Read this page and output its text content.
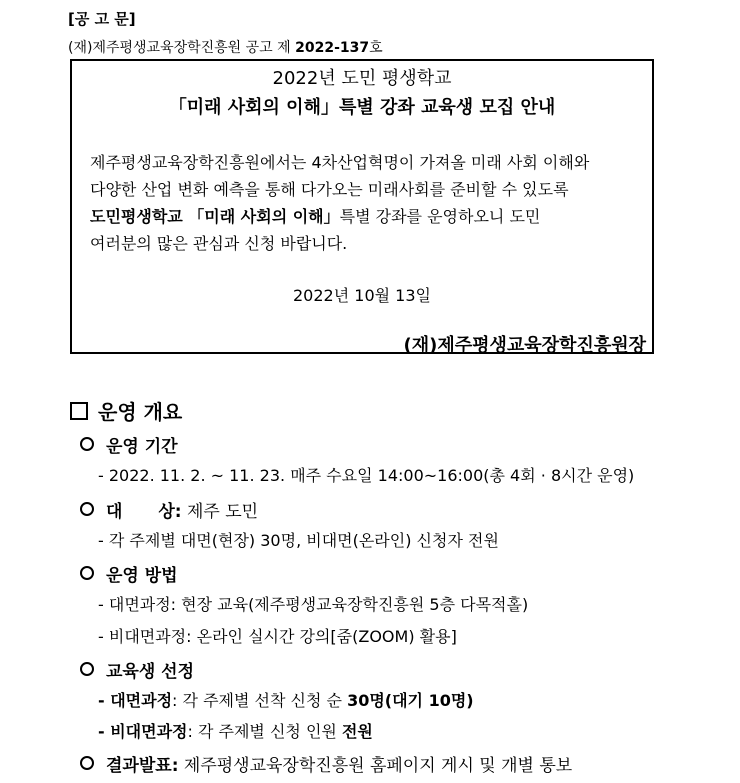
[공 고 문]
(재)제주평생교육장학진흥원 공고 제 2022-137호
2022년 도민 평생학교
「미래 사회의 이해」특별 강좌 교육생 모집 안내
제주평생교육장학진흥원에서는 4차산업혁명이 가져올 미래 사회 이해와
다양한 산업 변화 예측을 통해 다가오는 미래사회를 준비할 수 있도록
도민평생학교 「미래 사회의 이해」특별 강좌를 운영하오니 도민
여러분의 많은 관심과 신청 바랍니다.
2022년 10월 13일
(재)제주평생교육장학진흥원장
운영 개요
운영 기간
- 2022. 11. 2. ~ 11. 23. 매주 수요일 14:00~16:00(총 4회 · 8시간 운영)
대 상: 제주 도민
- 각 주제별 대면(현장) 30명, 비대면(온라인) 신청자 전원
운영 방법
- 대면과정: 현장 교육(제주평생교육장학진흥원 5층 다목적홀)
- 비대면과정: 온라인 실시간 강의[줌(ZOOM) 활용]
교육생 선정
- 대면과정: 각 주제별 선착 신청 순 30명(대기 10명)
- 비대면과정: 각 주제별 신청 인원 전원
결과발표: 제주평생교육장학진흥원 홈페이지 게시 및 개별 통보
